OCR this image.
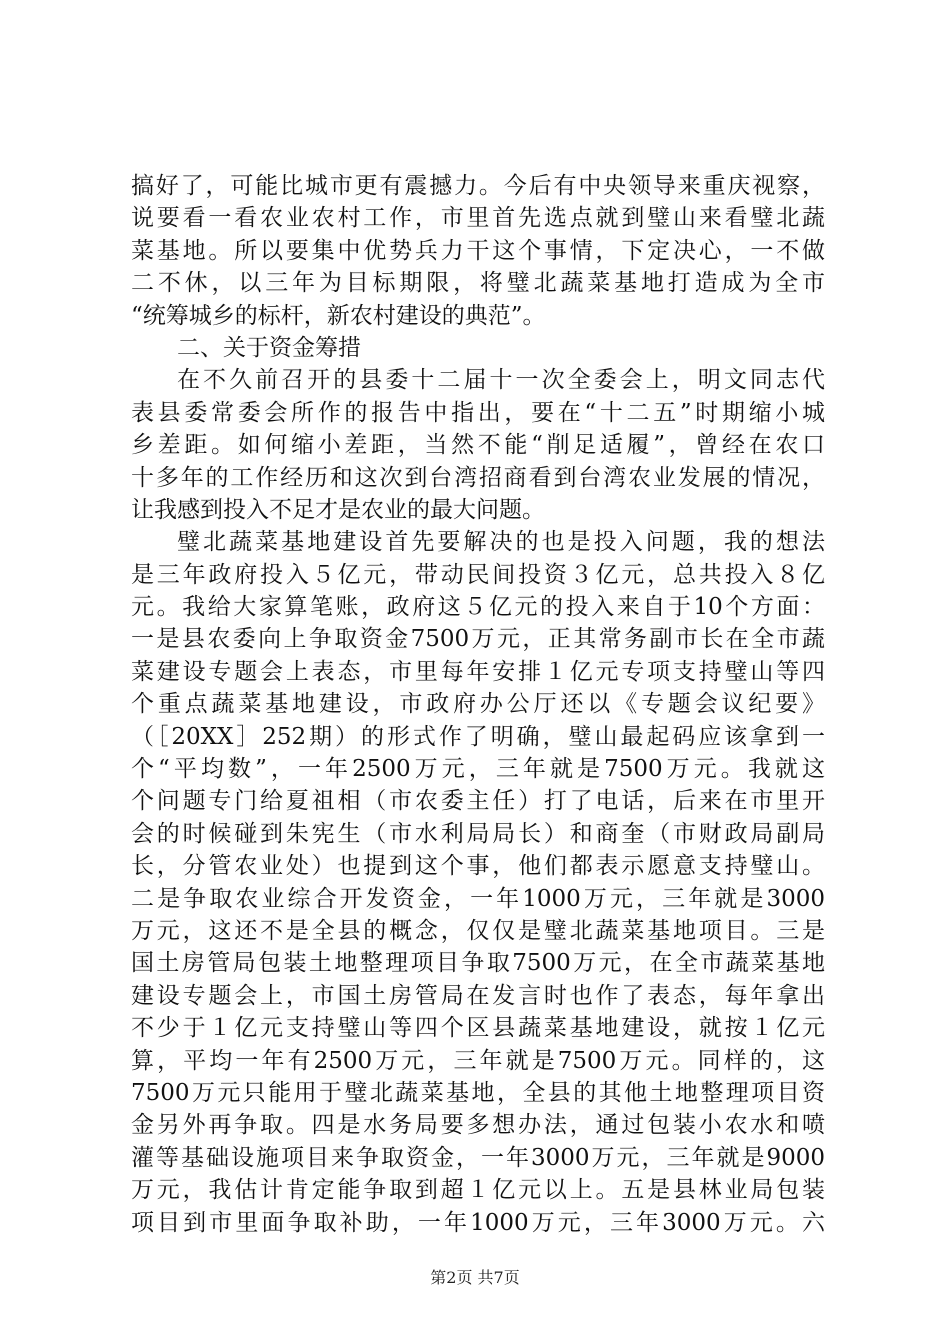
搞好了，可能比城市更有震撼力。今后有中央领导来重庆视察，
说要看一看农业农村工作，市里首先选点就到璧山来看璧北蔬
菜基地。所以要集中优势兵力干这个事情，下定决心，一不做
二不休，以三年为目标期限，将璧北蔬菜基地打造成为全市
“统筹城乡的标杆，新农村建设的典范”。
二、关于资金筹措
在不久前召开的县委十二届十一次全委会上，明文同志代
表县委常委会所作的报告中指出，要在“十二五”时期缩小城
乡差距。如何缩小差距，当然不能“削足适履”，曾经在农口
十多年的工作经历和这次到台湾招商看到台湾农业发展的情况，
让我感到投入不足才是农业的最大问题。
璧北蔬菜基地建设首先要解决的也是投入问题，我的想法
是三年政府投入５亿元，带动民间投资３亿元，总共投入８亿
元。我给大家算笔账，政府这５亿元的投入来自于10个方面：
一是县农委向上争取资金7500万元，正其常务副市长在全市蔬
菜建设专题会上表态，市里每年安排１亿元专项支持璧山等四
个重点蔬菜基地建设，市政府办公厅还以《专题会议纪要》
（［20XX］252期）的形式作了明确，璧山最起码应该拿到一
个“平均数”，一年2500万元，三年就是7500万元。我就这
个问题专门给夏祖相（市农委主任）打了电话，后来在市里开
会的时候碰到朱宪生（市水利局局长）和商奎（市财政局副局
长，分管农业处）也提到这个事，他们都表示愿意支持璧山。
二是争取农业综合开发资金，一年1000万元，三年就是3000
万元，这还不是全县的概念，仅仅是璧北蔬菜基地项目。三是
国土房管局包装土地整理项目争取7500万元，在全市蔬菜基地
建设专题会上，市国土房管局在发言时也作了表态，每年拿出
不少于１亿元支持璧山等四个区县蔬菜基地建设，就按１亿元
算，平均一年有2500万元，三年就是7500万元。同样的，这
7500万元只能用于璧北蔬菜基地，全县的其他土地整理项目资
金另外再争取。四是水务局要多想办法，通过包装小农水和喷
灌等基础设施项目来争取资金，一年3000万元，三年就是9000
万元，我估计肯定能争取到超１亿元以上。五是县林业局包装
项目到市里面争取补助，一年1000万元，三年3000万元。六
第2页 共7页
